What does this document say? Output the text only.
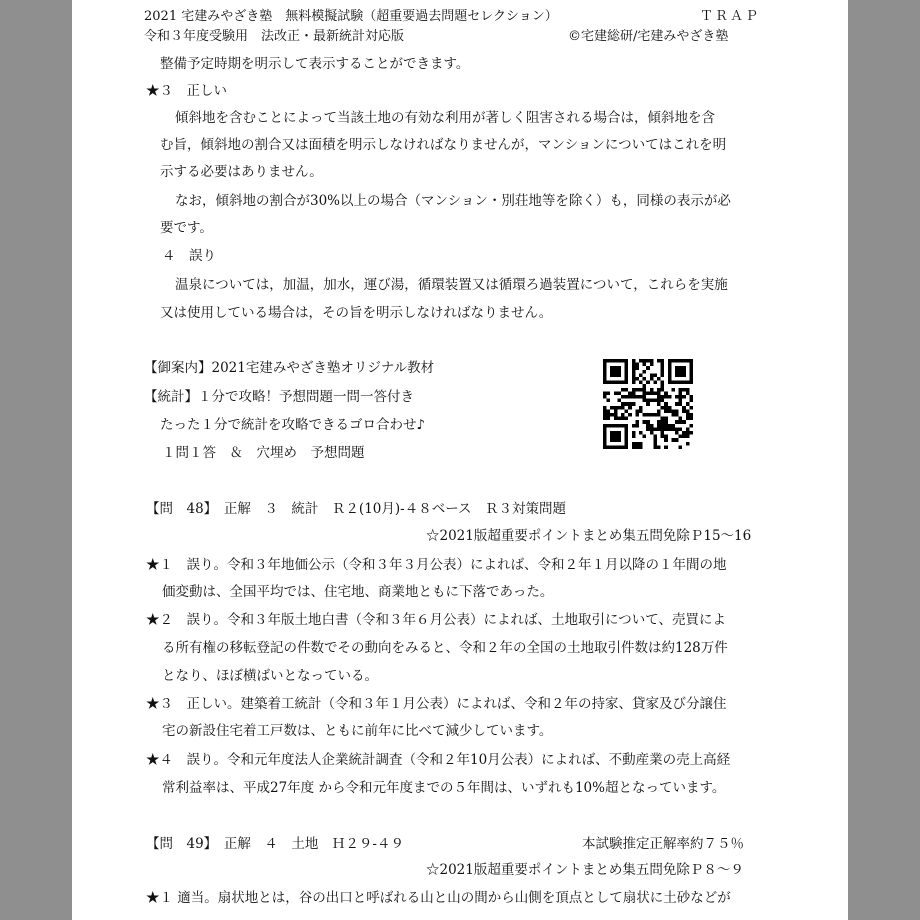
2021 宅建みやざき塾　無料模擬試験（超重要過去問題セレクション）	ＴＲＡＰ
令和３年度受験用　法改正・最新統計対応版	©宅建総研/宅建みやざき塾
整備予定時期を明示して表示することができます。
★３　正しい
傾斜地を含むことによって当該土地の有効な利用が著しく阻害される場合は，傾斜地を含
む旨，傾斜地の割合又は面積を明示しなければなりませんが，マンションについてはこれを明
示する必要はありません。
なお，傾斜地の割合が30%以上の場合（マンション・別荘地等を除く）も，同様の表示が必
要です。
４　誤り
温泉については，加温，加水，運び湯，循環装置又は循環ろ過装置について，これらを実施
又は使用している場合は，その旨を明示しなければなりません。
【御案内】2021宅建みやざき塾オリジナル教材
【統計】１分で攻略！予想問題一問一答付き
たった１分で統計を攻略できるゴロ合わせ♪
１問１答　＆　穴埋め　予想問題
【問　48】　正解　３　統計　Ｒ２(10月)-４８ベース　Ｒ３対策問題
☆2021版超重要ポイントまとめ集五問免除Ｐ15～16
★１　誤り。令和３年地価公示（令和３年３月公表）によれば、令和２年１月以降の１年間の地
価変動は、全国平均では、住宅地、商業地ともに下落であった。
★２　誤り。令和３年版土地白書（令和３年６月公表）によれば、土地取引について、売買によ
る所有権の移転登記の件数でその動向をみると、令和２年の全国の土地取引件数は約128万件
となり、ほぼ横ばいとなっている。
★３　正しい。建築着工統計（令和３年１月公表）によれば、令和２年の持家、貸家及び分譲住
宅の新設住宅着工戸数は、ともに前年に比べて減少しています。
★４　誤り。令和元年度法人企業統計調査（令和２年10月公表）によれば、不動産業の売上高経
常利益率は、平成27年度 から令和元年度までの５年間は、いずれも10%超となっています。
【問　49】　正解　４　土地　Ｈ２９-４９	本試験推定正解率約７５％
☆2021版超重要ポイントまとめ集五問免除Ｐ８～９
★１ 適当。扇状地とは，谷の出口と呼ばれる山と山の間から山側を頂点として扇状に土砂などが
